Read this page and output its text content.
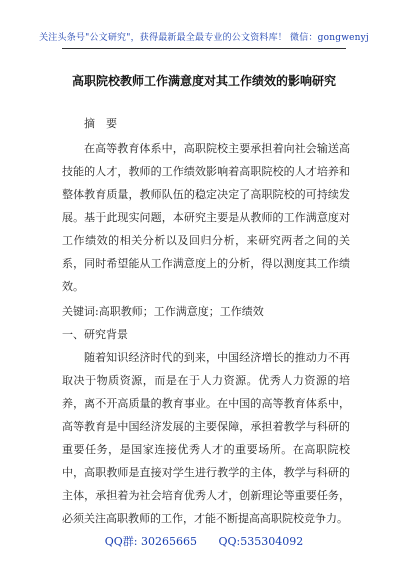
关注头条号"公文研究"，获得最新最全最专业的公文资料库！ 微信：gongwenyj
高职院校教师工作满意度对其工作绩效的影响研究

摘　要

在高等教育体系中，高职院校主要承担着向社会输送高技能的人才，教师的工作绩效影响着高职院校的人才培养和整体教育质量，教师队伍的稳定决定了高职院校的可持续发展。基于此现实问题，本研究主要是从教师的工作满意度对工作绩效的相关分析以及回归分析，来研究两者之间的关系，同时希望能从工作满意度上的分析，得以测度其工作绩效。

关键词:高职教师；工作满意度；工作绩效

一、研究背景

随着知识经济时代的到来，中国经济增长的推动力不再取决于物质资源，而是在于人力资源。优秀人力资源的培养，离不开高质量的教育事业。在中国的高等教育体系中，高等教育是中国经济发展的主要保障，承担着教学与科研的重要任务，是国家连接优秀人才的重要场所。在高职院校中，高职教师是直接对学生进行教学的主体，教学与科研的主体，承担着为社会培育优秀人才，创新理论等重要任务，必须关注高职教师的工作，才能不断提高高职院校竞争力。

QQ群: 30265665 QQ:535304092
